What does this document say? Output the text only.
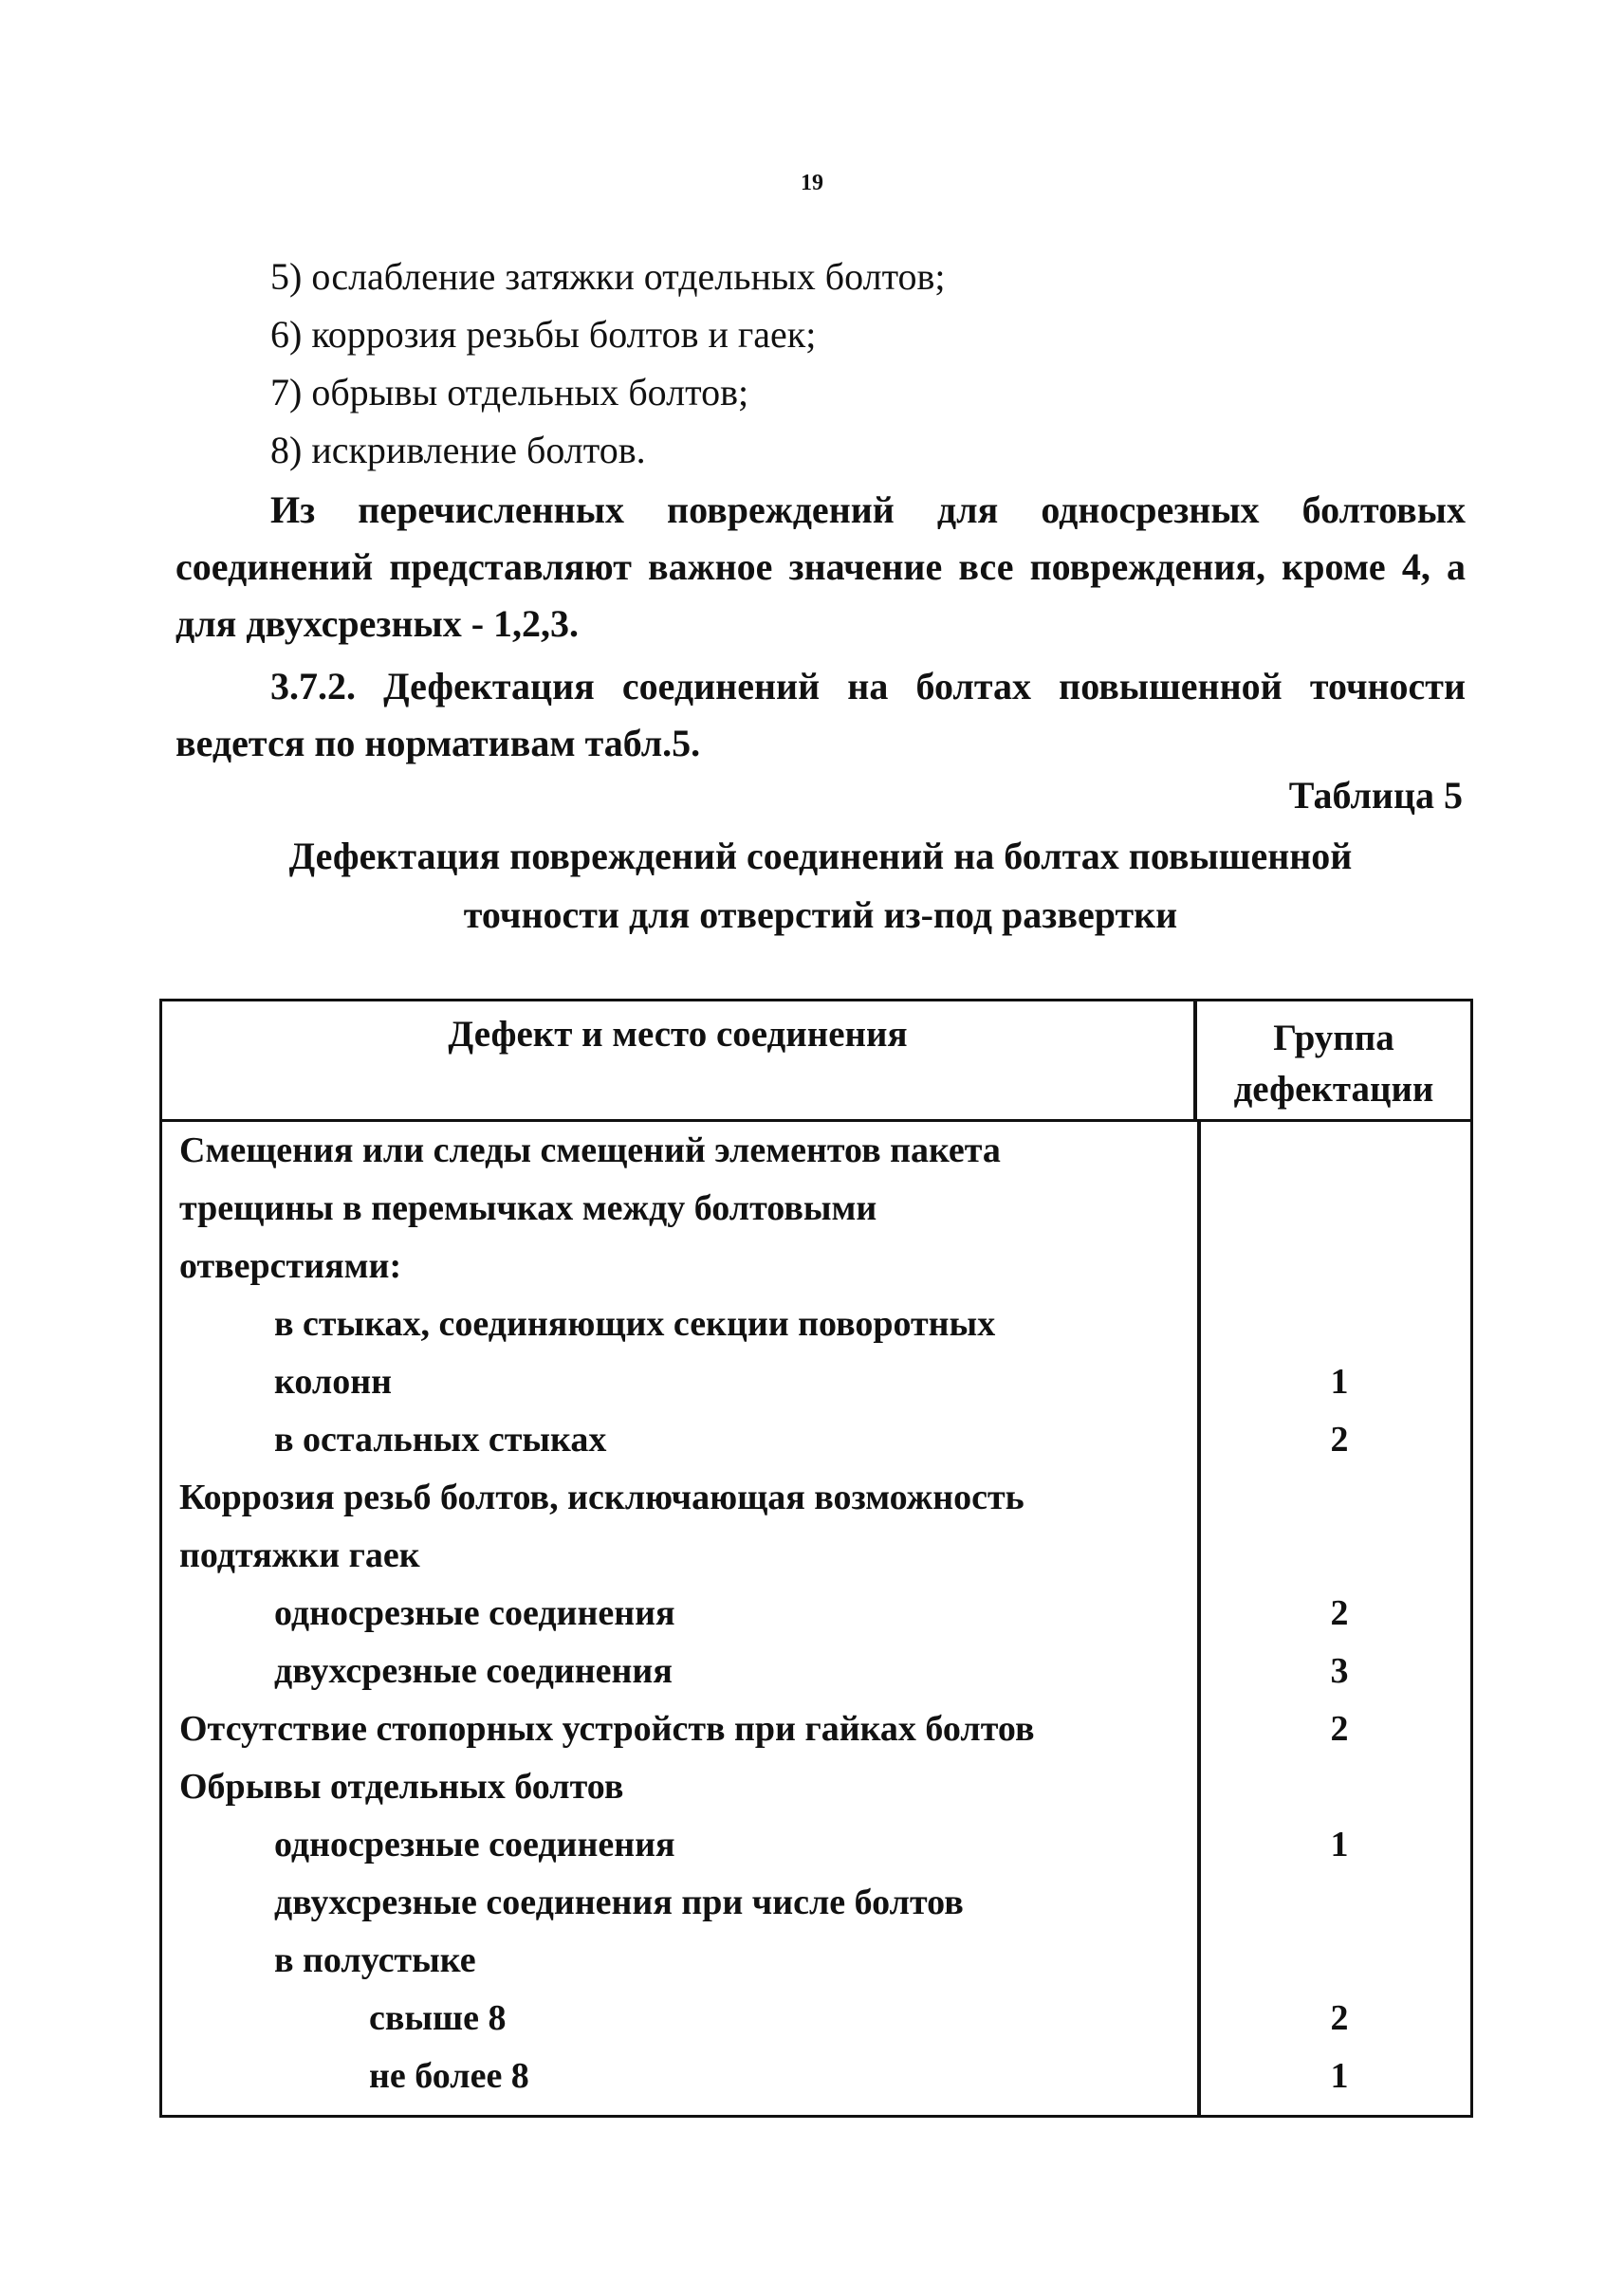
19
5) ослабление затяжки отдельных болтов;
6) коррозия резьбы болтов и гаек;
7) обрывы отдельных болтов;
8) искривление болтов.
Из перечисленных повреждений для односрезных болтовых соединений представляют важное значение все повреждения, кроме 4, а для двухсрезных - 1,2,3.
3.7.2. Дефектация соединений на болтах повышенной точности ведется по нормативам табл.5.
Таблица 5
Дефектация повреждений соединений на болтах повышенной
точности для отверстий из-под развертки
Дефект и место соединения	Группа
дефектации
Смещения или следы смещений элементов пакета
трещины в перемычках между болтовыми
отверстиями:
в стыках, соединяющих секции поворотных
колонн	1
в остальных стыках	2
Коррозия резьб болтов, исключающая возможность
подтяжки гаек
односрезные соединения	2
двухсрезные соединения	3
Отсутствие стопорных устройств при гайках болтов	2
Обрывы отдельных болтов
односрезные соединения	1
двухсрезные соединения при числе болтов
в полустыке
свыше 8	2
не более 8	1
